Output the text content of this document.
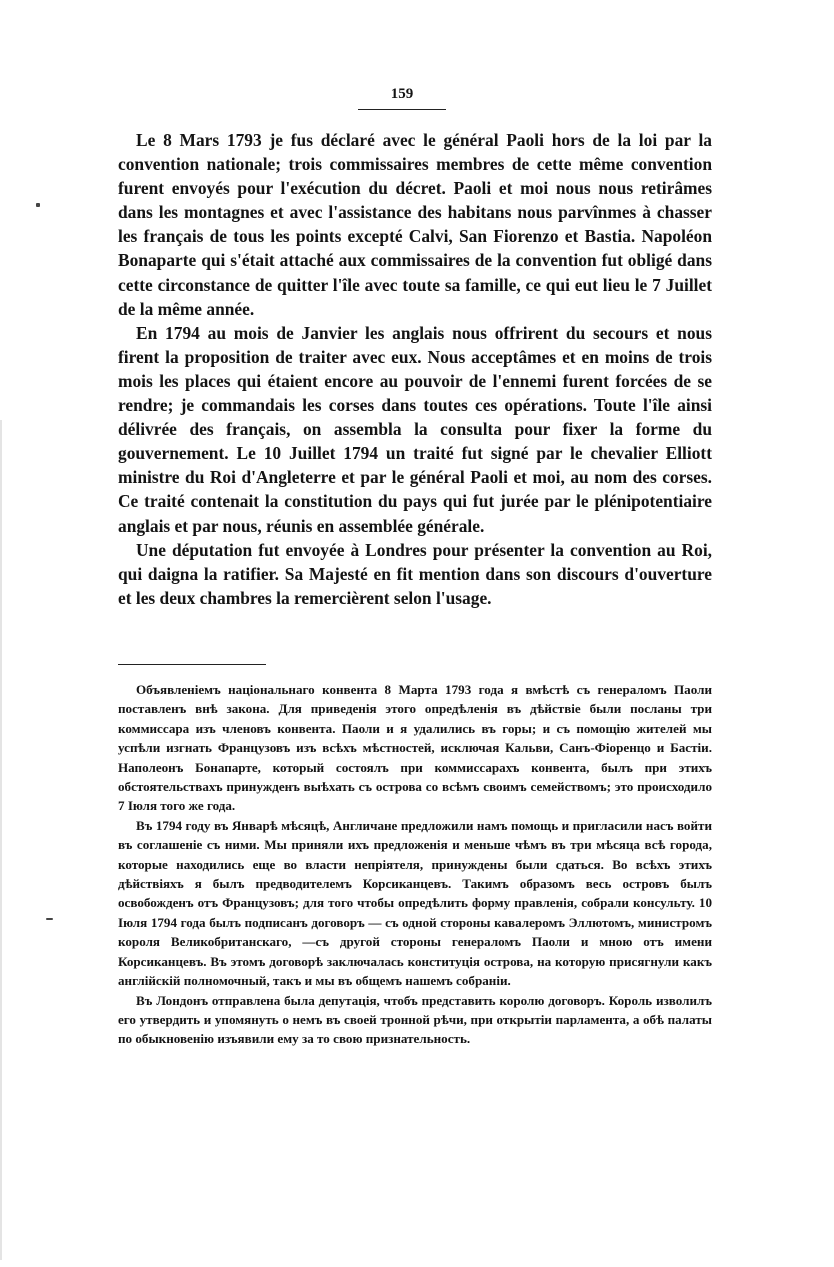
159

Le 8 Mars 1793 je fus déclaré avec le général Paoli hors de la loi par la convention nationale; trois commissaires membres de cette même convention furent envoyés pour l'exécution du décret. Paoli et moi nous nous retirâmes dans les montagnes et avec l'assistance des habitans nous parvînmes à chasser les français de tous les points excepté Calvi, San Fiorenzo et Bastia. Napoléon Bonaparte qui s'était attaché aux commissaires de la convention fut obligé dans cette circonstance de quitter l'île avec toute sa famille, ce qui eut lieu le 7 Juillet de la même année.

En 1794 au mois de Janvier les anglais nous offrirent du secours et nous firent la proposition de traiter avec eux. Nous acceptâmes et en moins de trois mois les places qui étaient encore au pouvoir de l'ennemi furent forcées de se rendre; je commandais les corses dans toutes ces opérations. Toute l'île ainsi délivrée des français, on assembla la consulta pour fixer la forme du gouvernement. Le 10 Juillet 1794 un traité fut signé par le chevalier Elliott ministre du Roi d'Angleterre et par le général Paoli et moi, au nom des corses. Ce traité contenait la constitution du pays qui fut jurée par le plénipotentiaire anglais et par nous, réunis en assemblée générale.

Une députation fut envoyée à Londres pour présenter la convention au Roi, qui daigna la ratifier. Sa Majesté en fit mention dans son discours d'ouverture et les deux chambres la remercièrent selon l'usage.

Объявленіемъ національнаго конвента 8 Марта 1793 года я вмѣстѣ съ генераломъ Паоли поставленъ внѣ закона. Для приведенія этого опредѣленія въ дѣйствіе были посланы три коммиссара изъ членовъ конвента. Паоли и я удалились въ горы; и съ помощію жителей мы успѣли изгнать Французовъ изъ всѣхъ мѣстностей, исключая Кальви, Санъ-Фіоренцо и Бастіи. Наполеонъ Бонапарте, который состоялъ при коммиссарахъ конвента, былъ при этихъ обстоятельствахъ принужденъ выѣхать съ острова со всѣмъ своимъ семействомъ; это происходило 7 Іюля того же года.

Въ 1794 году въ Январѣ мѣсяцѣ, Англичане предложили намъ помощь и пригласили насъ войти въ соглашеніе съ ними. Мы приняли ихъ предложенія и меньше чѣмъ въ три мѣсяца всѣ города, которые находились еще во власти непріятеля, принуждены были сдаться. Во всѣхъ этихъ дѣйствіяхъ я былъ предводителемъ Корсиканцевъ. Такимъ образомъ весь островъ былъ освобожденъ отъ Французовъ; для того чтобы опредѣлить форму правленія, собрали консульту. 10 Іюля 1794 года былъ подписанъ договоръ — съ одной стороны кавалеромъ Эллютомъ, министромъ короля Великобританскаго, —съ другой стороны генераломъ Паоли и мною отъ имени Корсиканцевъ. Въ этомъ договорѣ заключалась конституція острова, на которую присягнули какъ англійскій полномочный, такъ и мы въ общемъ нашемъ собраніи.

Въ Лондонъ отправлена была депутація, чтобъ представить королю договоръ. Король изволилъ его утвердить и упомянуть о немъ въ своей тронной рѣчи, при открытіи парламента, а обѣ палаты по обыкновенію изъявили ему за то свою признательность.
